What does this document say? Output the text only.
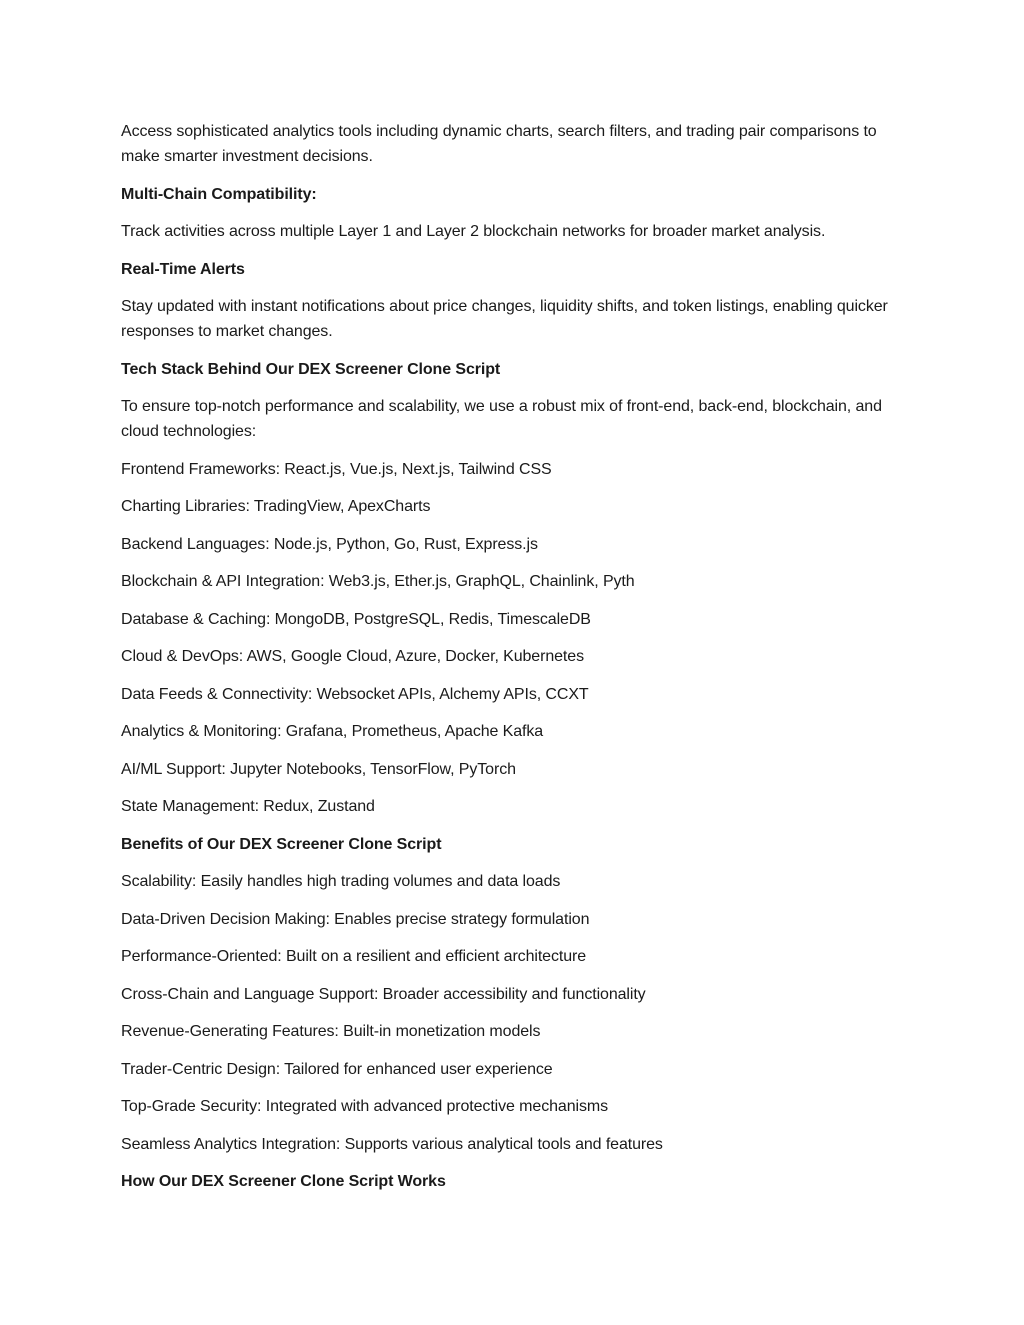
Access sophisticated analytics tools including dynamic charts, search filters, and trading pair comparisons to make smarter investment decisions.

Multi-Chain Compatibility:

Track activities across multiple Layer 1 and Layer 2 blockchain networks for broader market analysis.

Real-Time Alerts

Stay updated with instant notifications about price changes, liquidity shifts, and token listings, enabling quicker responses to market changes.

Tech Stack Behind Our DEX Screener Clone Script

To ensure top-notch performance and scalability, we use a robust mix of front-end, back-end, blockchain, and cloud technologies:

Frontend Frameworks: React.js, Vue.js, Next.js, Tailwind CSS

Charting Libraries: TradingView, ApexCharts

Backend Languages: Node.js, Python, Go, Rust, Express.js

Blockchain & API Integration: Web3.js, Ether.js, GraphQL, Chainlink, Pyth

Database & Caching: MongoDB, PostgreSQL, Redis, TimescaleDB

Cloud & DevOps: AWS, Google Cloud, Azure, Docker, Kubernetes

Data Feeds & Connectivity: Websocket APIs, Alchemy APIs, CCXT

Analytics & Monitoring: Grafana, Prometheus, Apache Kafka

AI/ML Support: Jupyter Notebooks, TensorFlow, PyTorch

State Management: Redux, Zustand

Benefits of Our DEX Screener Clone Script

Scalability: Easily handles high trading volumes and data loads

Data-Driven Decision Making: Enables precise strategy formulation

Performance-Oriented: Built on a resilient and efficient architecture

Cross-Chain and Language Support: Broader accessibility and functionality

Revenue-Generating Features: Built-in monetization models

Trader-Centric Design: Tailored for enhanced user experience

Top-Grade Security: Integrated with advanced protective mechanisms

Seamless Analytics Integration: Supports various analytical tools and features

How Our DEX Screener Clone Script Works
